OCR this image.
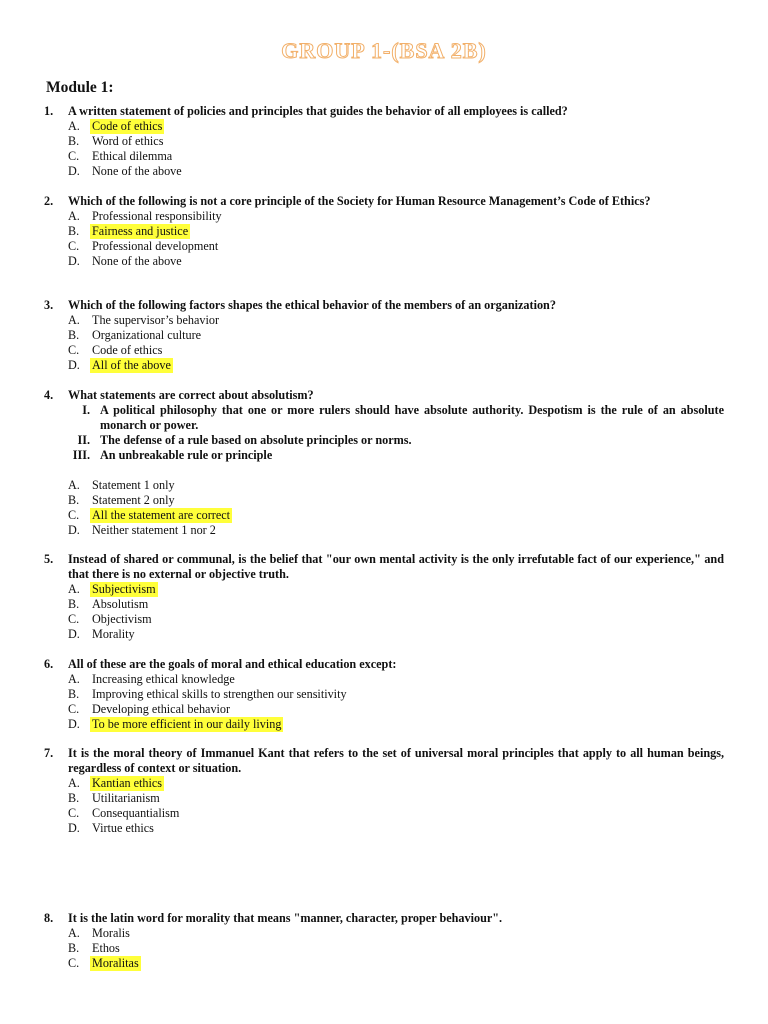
GROUP 1-(BSA 2B)
Module 1:
1.	A written statement of policies and principles that guides the behavior of all employees is called?
A. Code of ethics
B.	Word of ethics
C.	Ethical dilemma
D. None of the above
2.	Which of the following is not a core principle of the Society for Human Resource Management’s Code of Ethics?
A. Professional responsibility
B.	Fairness and justice
C.	Professional development
D. None of the above
3.	Which of the following factors shapes the ethical behavior of the members of an organization?
A. The supervisor’s behavior
B.	Organizational culture
C.	Code of ethics
D. All of the above
4.	What statements are correct about absolutism?
I. A political philosophy that one or more rulers should have absolute authority. Despotism is the rule of an absolute monarch or power.
II. The defense of a rule based on absolute principles or norms.
III. An unbreakable rule or principle
A. Statement 1 only
B.	Statement 2 only
C.	All the statement are correct
D. Neither statement 1 nor 2
5.	Instead of shared or communal, is the belief that "our own mental activity is the only irrefutable fact of our experience," and that there is no external or objective truth.
A. Subjectivism
B.	Absolutism
C.	Objectivism
D. Morality
6.	All of these are the goals of moral and ethical education except:
A. Increasing ethical knowledge
B.	Improving ethical skills to strengthen our sensitivity
C.	Developing ethical behavior
D. To be more efficient in our daily living
7.	It is the moral theory of Immanuel Kant that refers to the set of universal moral principles that apply to all human beings, regardless of context or situation.
A. Kantian ethics
B.	Utilitarianism
C.	Consequantialism
D. Virtue ethics
8.	It is the latin word for morality that means "manner, character, proper behaviour".
A. Moralis
B.	Ethos
C.	Moralitas
